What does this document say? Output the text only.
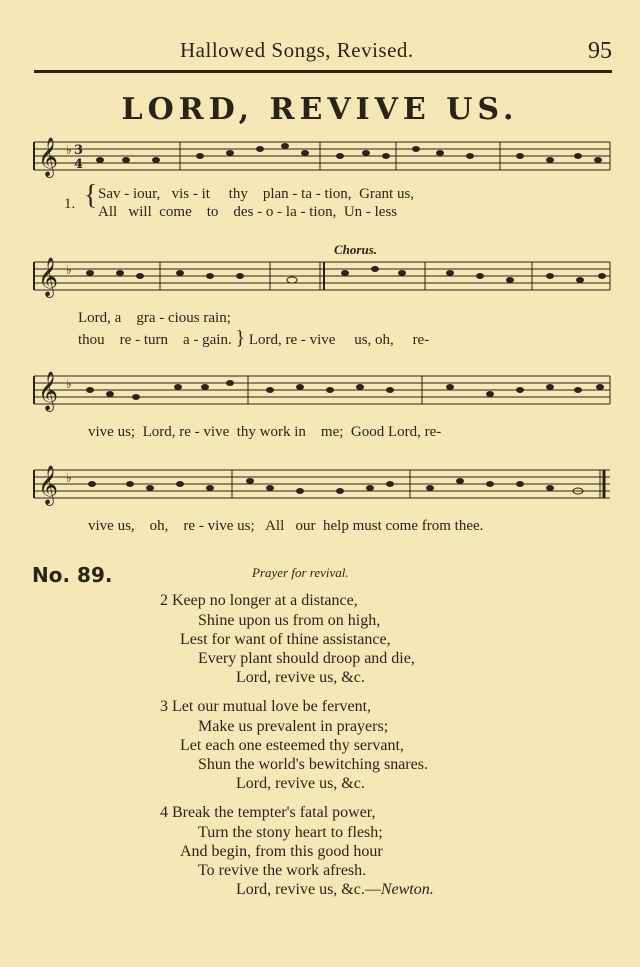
Hallowed Songs, Revised.	95
LORD, REVIVE US.
𝄞 ♭ 3
4
1. { Sav - iour, vis - it thy plan - ta - tion, Grant us,
All will come to des - o - la - tion, Un - less
Chorus.
𝄞 ♭
Lord, a gra - cious rain;
thou re - turn a - gain. } Lord, re - vive us, oh, re-
𝄞 ♭
vive us; Lord, re - vive thy work in me; Good Lord, re-
𝄞 ♭
vive us, oh, re - vive us; All our help must come from thee.
No. 89.	Prayer for revival.
2 Keep no longer at a distance,
Shine upon us from on high,
Lest for want of thine assistance,
Every plant should droop and die,
Lord, revive us, &c.
3 Let our mutual love be fervent,
Make us prevalent in prayers;
Let each one esteemed thy servant,
Shun the world's bewitching snares.
Lord, revive us, &c.
4 Break the tempter's fatal power,
Turn the stony heart to flesh;
And begin, from this good hour
To revive the work afresh.
Lord, revive us, &c.—Newton.
